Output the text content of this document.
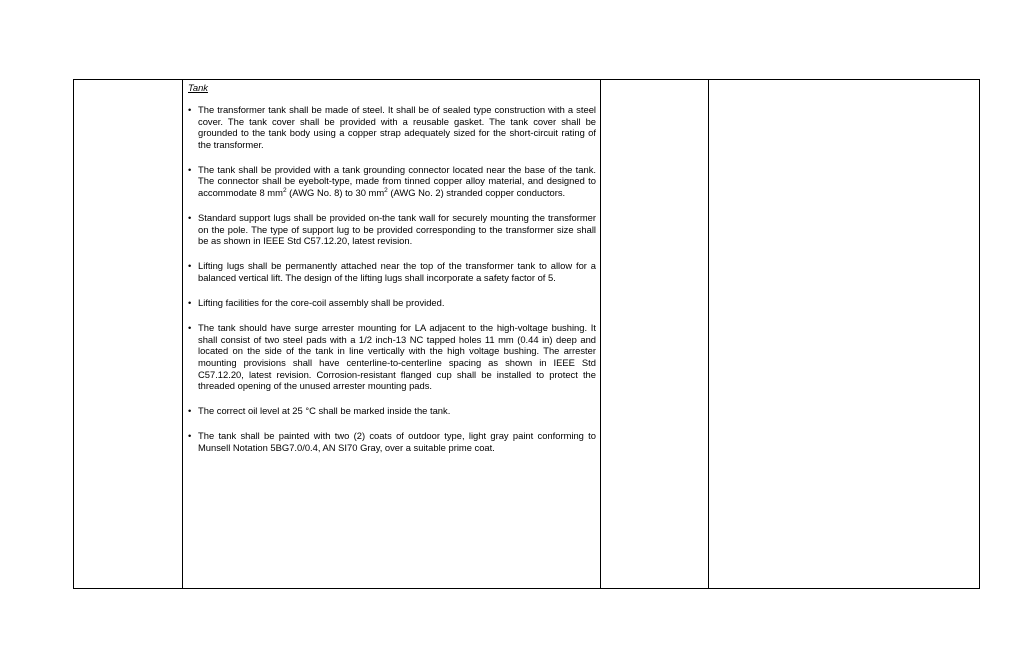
Tank
• The transformer tank shall be made of steel. It shall be of sealed type construction with a steel cover. The tank cover shall be provided with a reusable gasket. The tank cover shall be grounded to the tank body using a copper strap adequately sized for the short-circuit rating of the transformer.
• The tank shall be provided with a tank grounding connector located near the base of the tank. The connector shall be eyebolt-type, made from tinned copper alloy material, and designed to accommodate 8 $mm^2$ (AWG No. 8) to 30 $mm^2$ (AWG No. 2) stranded copper conductors.
• Standard support lugs shall be provided on-the tank wall for securely mounting the transformer on the pole. The type of support lug to be provided corresponding to the transformer size shall be as shown in IEEE Std C57.12.20, latest revision.
• Lifting lugs shall be permanently attached near the top of the transformer tank to allow for a balanced vertical lift. The design of the lifting lugs shall incorporate a safety factor of 5.
• Lifting facilities for the core-coil assembly shall be provided.
• The tank should have surge arrester mounting for LA adjacent to the high-voltage bushing. It shall consist of two steel pads with a 1/2 inch-13 NC tapped holes 11 mm (0.44 in) deep and located on the side of the tank in line vertically with the high voltage bushing. The arrester mounting provisions shall have centerline-to-centerline spacing as shown in IEEE Std C57.12.20, latest revision. Corrosion-resistant flanged cup shall be installed to protect the threaded opening of the unused arrester mounting pads.
• The correct oil level at 25 °C shall be marked inside the tank.
• The tank shall be painted with two (2) coats of outdoor type, light gray paint conforming to Munsell Notation 5BG7.0/0.4, AN SI70 Gray, over a suitable prime coat.
